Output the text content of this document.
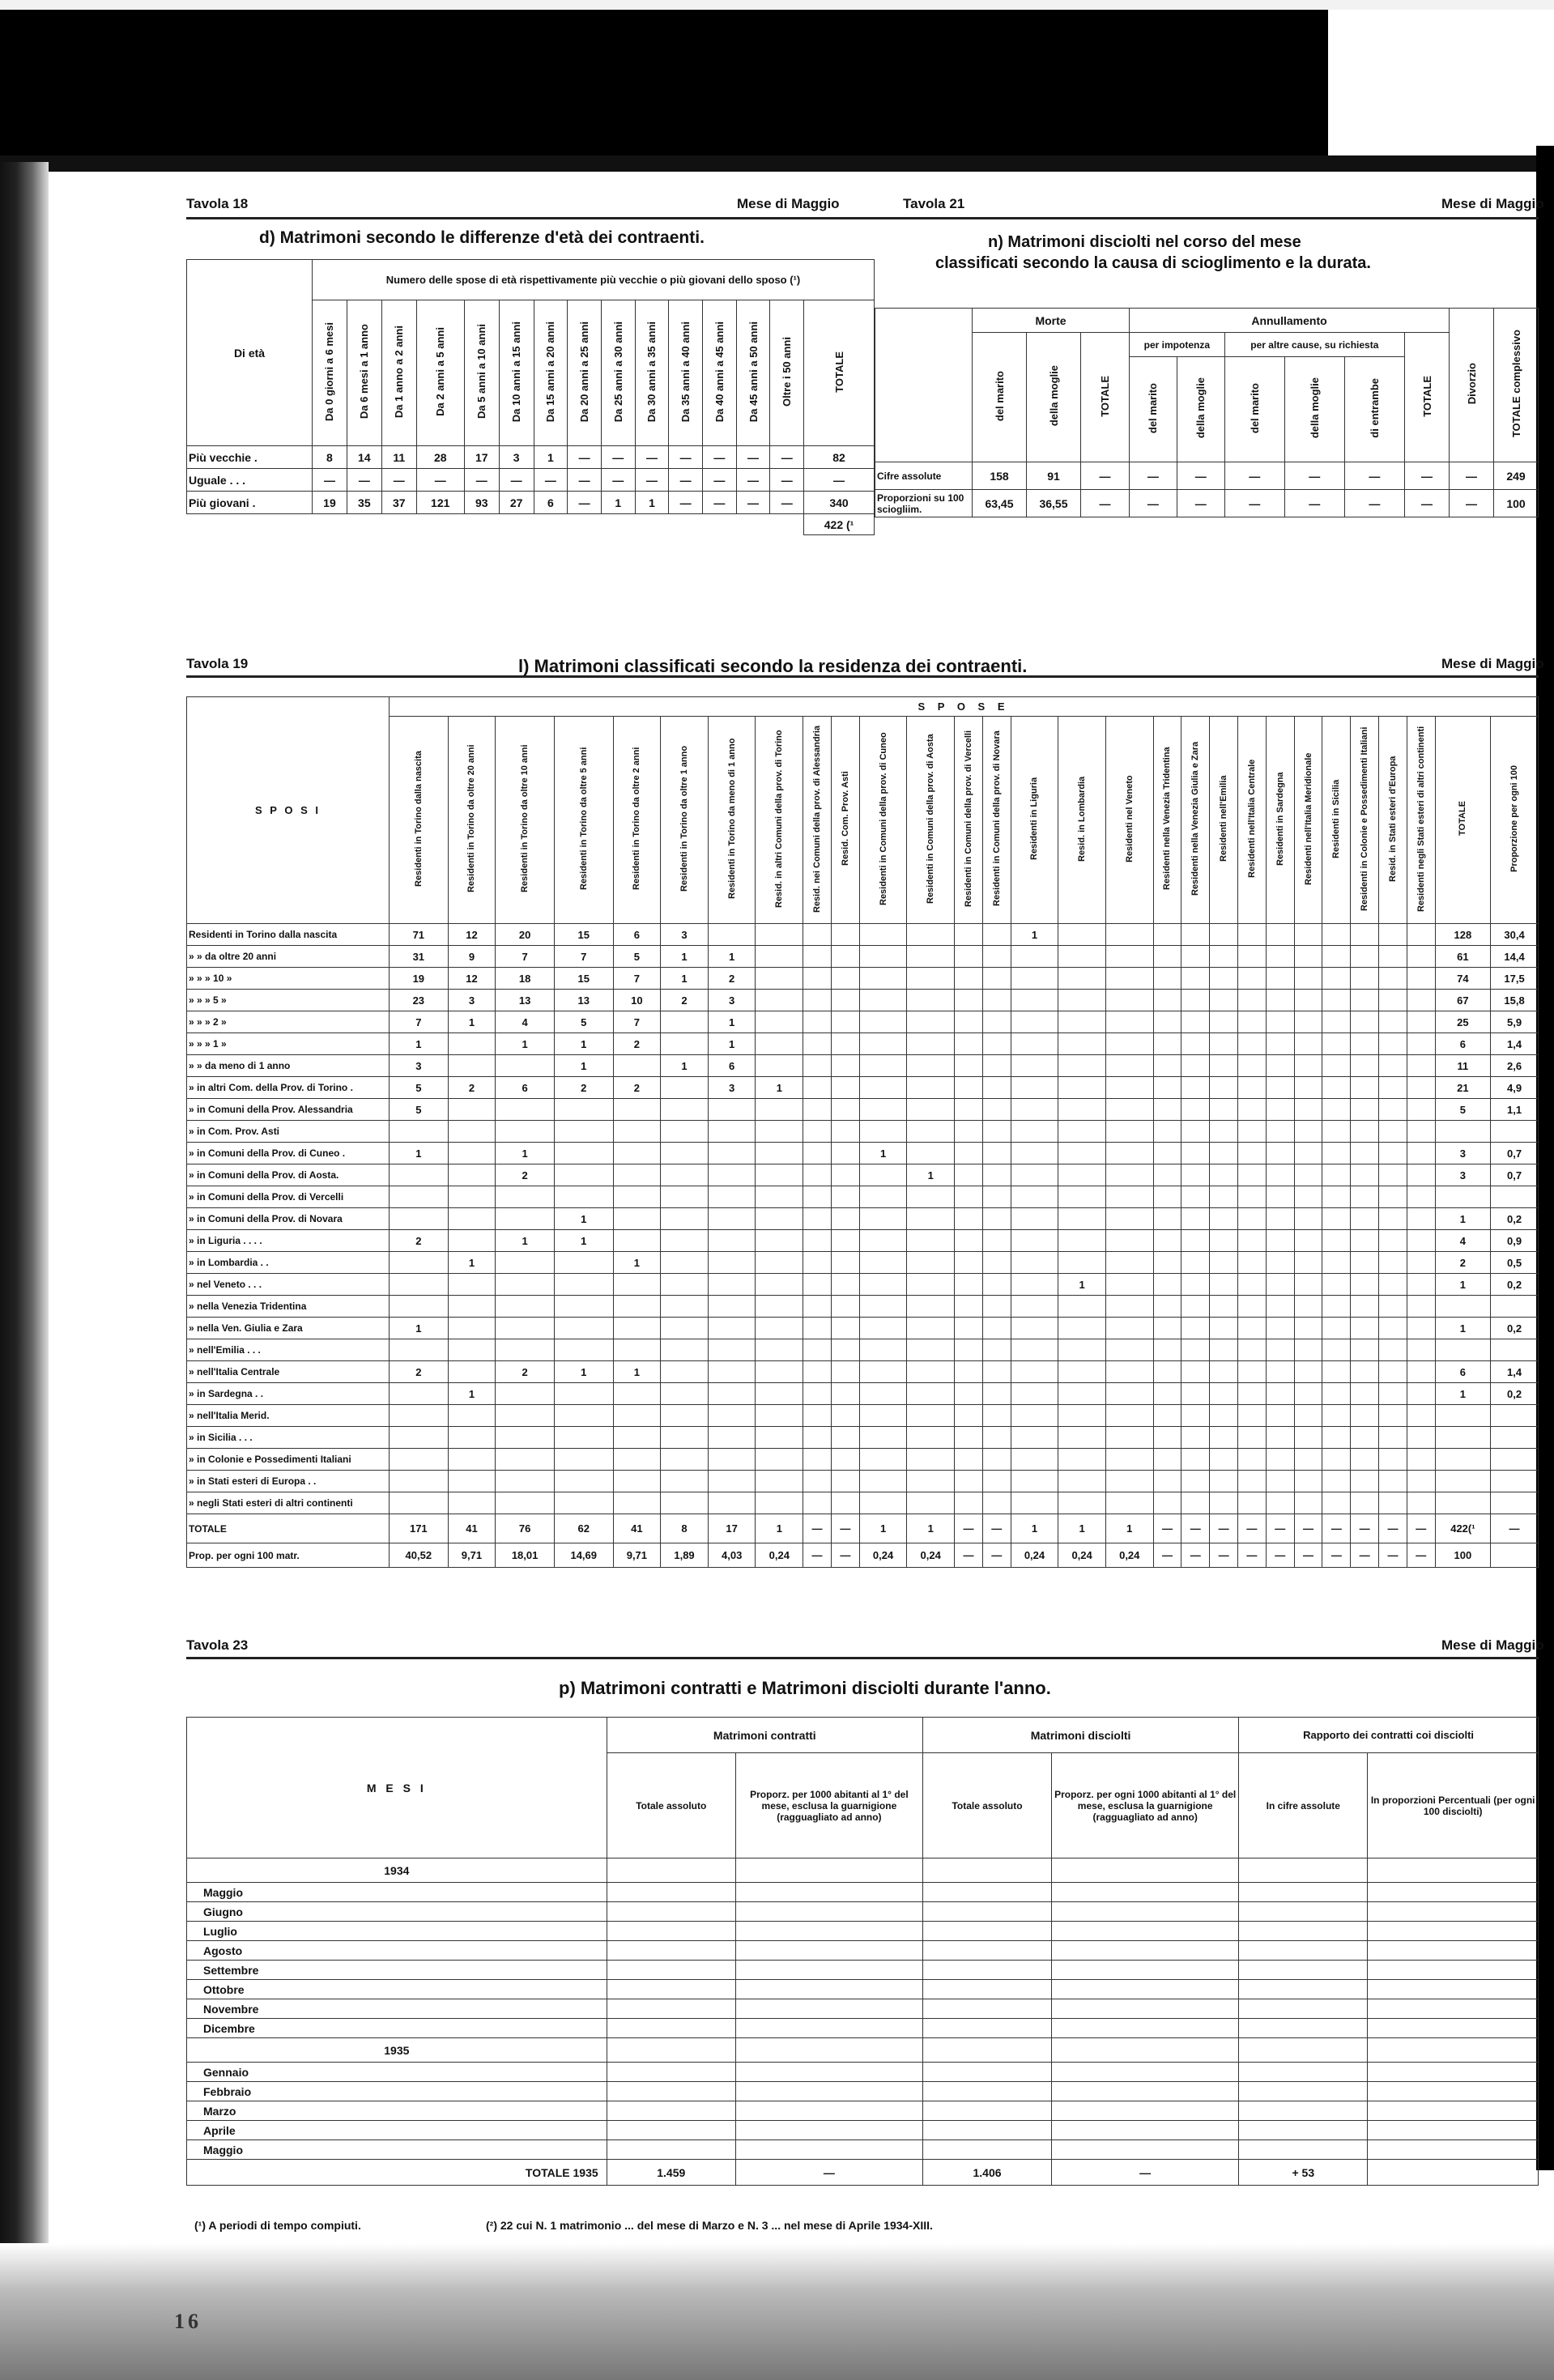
Tavola 18	Mese di Maggio	Tavola 21	Mese di Maggio
d) Matrimoni secondo le differenze d'età dei contraenti.
Di età	Numero delle spose di età rispettivamente più vecchie o più giovani dello sposo (¹)														
	Da 0 giorni a 6 mesi	Da 6 mesi a 1 anno	Da 1 anno a 2 anni	Da 2 anni a 5 anni	Da 5 anni a 10 anni	Da 10 anni a 15 anni	Da 15 anni a 20 anni	Da 20 anni a 25 anni	Da 25 anni a 30 anni	Da 30 anni a 35 anni	Da 35 anni a 40 anni	Da 40 anni a 45 anni	Da 45 anni a 50 anni	Oltre i 50 anni	TOTALE
Più vecchie .	8	14	11	28	17	3	1	—	—	—	—	—	—	—	82
Uguale . . .	—	—	—	—	—	—	—	—	—	—	—	—	—	—	—
Più giovani .	19	35	37	121	93	27	6	—	1	1	—	—	—	—	340
															422 (¹
n) Matrimoni disciolti nel corso del mese
classificati secondo la causa di scioglimento e la durata.
	Morte			Annullamento						Divorzio	TOTALE complessivo
	del marito	della moglie	TOTALE	per impotenza		per altre cause, su richiesta			TOTALE		
				del marito	della moglie	del marito	della moglie	di entrambe			
Cifre assolute	158	91	—	—	—	—	—	—	—	—	249
Proporzioni su 100 sciogliim.	63,45	36,55	—	—	—	—	—	—	—	—	100
Tavola 19	Mese di Maggio
l) Matrimoni classificati secondo la residenza dei contraenti.
S P O S I	S P O S E																												
	Residenti in Torino dalla nascita	Residenti in Torino da oltre 20 anni	Residenti in Torino da oltre 10 anni	Residenti in Torino da oltre 5 anni	Residenti in Torino da oltre 2 anni	Residenti in Torino da oltre 1 anno	Residenti in Torino da meno di 1 anno	Resid. in altri Comuni della prov. di Torino	Resid. nei Comuni della prov. di Alessandria	Resid. Com. Prov. Asti	Residenti in Comuni della prov. di Cuneo	Residenti in Comuni della prov. di Aosta	Residenti in Comuni della prov. di Vercelli	Residenti in Comuni della prov. di Novara	Residenti in Liguria	Resid. in Lombardia	Residenti nel Veneto	Residenti nella Venezia Tridentina	Residenti nella Venezia Giulia e Zara	Residenti nell'Emilia	Residenti nell'Italia Centrale	Residenti in Sardegna	Residenti nell'Italia Meridionale	Residenti in Sicilia	Residenti in Colonie e Possedimenti Italiani	Resid. in Stati esteri d'Europa	Residenti negli Stati esteri di altri continenti	TOTALE	Proporzione per ogni 100
Residenti in Torino dalla nascita	71	12	20	15	6	3									1													128	30,4
» » da oltre 20 anni	31	9	7	7	5	1	1																					61	14,4
» » » 10 »	19	12	18	15	7	1	2																					74	17,5
» » » 5 »	23	3	13	13	10	2	3																					67	15,8
» » » 2 »	7	1	4	5	7		1																					25	5,9
» » » 1 »	1		1	1	2		1																					6	1,4
» » da meno di 1 anno	3			1		1	6																					11	2,6
» in altri Com. della Prov. di Torino .	5	2	6	2	2		3	1																				21	4,9
» in Comuni della Prov. Alessandria	5																											5	1,1
» in Com. Prov. Asti																													
» in Comuni della Prov. di Cuneo .	1		1								1																	3	0,7
» in Comuni della Prov. di Aosta.			2									1																3	0,7
» in Comuni della Prov. di Vercelli																													
» in Comuni della Prov. di Novara				1																								1	0,2
» in Liguria . . . .	2		1	1																								4	0,9
» in Lombardia . .		1			1																							2	0,5
» nel Veneto . . .																1												1	0,2
» nella Venezia Tridentina																													
» nella Ven. Giulia e Zara	1																											1	0,2
» nell'Emilia . . .																													
» nell'Italia Centrale	2		2	1	1																							6	1,4
» in Sardegna . .		1																										1	0,2
» nell'Italia Merid.																													
» in Sicilia . . .																													
» in Colonie e Possedimenti Italiani																													
» in Stati esteri di Europa . .																													
» negli Stati esteri di altri continenti																													
TOTALE	171	41	76	62	41	8	17	1	—	—	1	1	—	—	1	1	1	—	—	—	—	—	—	—	—	—	—	422(¹	—
Prop. per ogni 100 matr.	40,52	9,71	18,01	14,69	9,71	1,89	4,03	0,24	—	—	0,24	0,24	—	—	0,24	0,24	0,24	—	—	—	—	—	—	—	—	—	—	100	
Tavola 23	Mese di Maggio
p) Matrimoni contratti e Matrimoni disciolti durante l'anno.
M E S I	Matrimoni contratti		Matrimoni disciolti		Rapporto dei contratti coi disciolti	
	Totale assoluto	Proporz. per 1000 abitanti al 1° del mese, esclusa la guarnigione (ragguagliato ad anno)	Totale assoluto	Proporz. per ogni 1000 abitanti al 1° del mese, esclusa la guarnigione (ragguagliato ad anno)	In cifre assolute	In proporzioni Percentuali (per ogni 100 disciolti)
1934						
Maggio						
Giugno						
Luglio						
Agosto						
Settembre						
Ottobre						
Novembre						
Dicembre						
1935						
Gennaio						
Febbraio						
Marzo						
Aprile						
Maggio						
TOTALE 1935	1.459	—	1.406	—	+ 53	
(¹) A periodi di tempo compiuti.	(²) 22 cui N. 1 matrimonio ... del mese di Marzo e N. 3 ... nel mese di Aprile 1934-XIII.
16
